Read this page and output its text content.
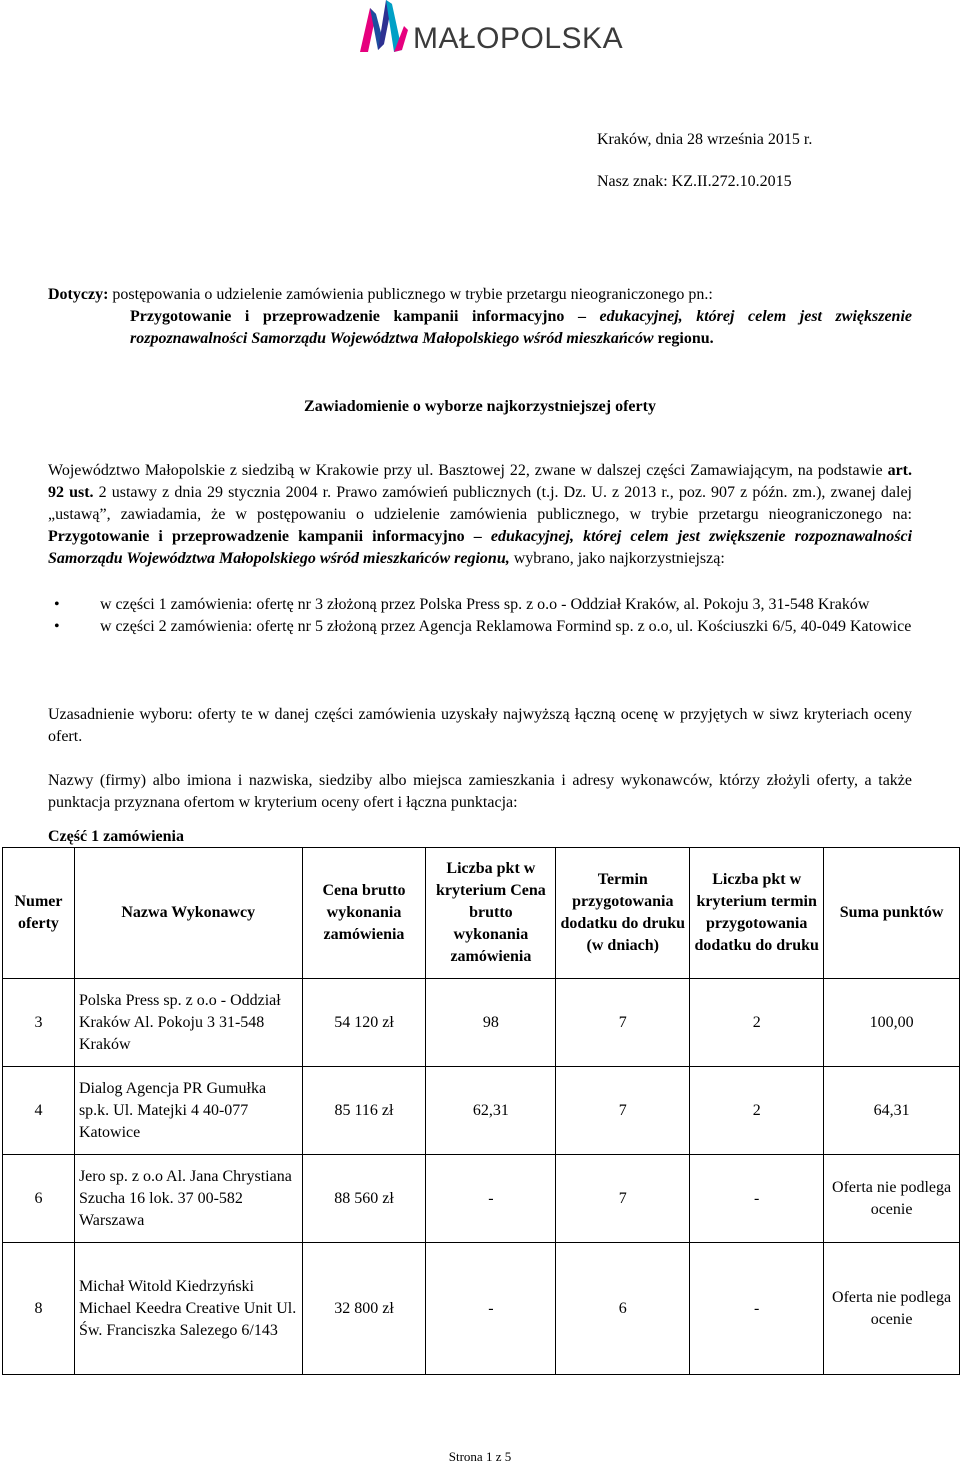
MAŁOPOLSKA
Kraków, dnia 28 września 2015 r.
Nasz znak: KZ.II.272.10.2015
Dotyczy: postępowania o udzielenie zamówienia publicznego w trybie przetargu nieograniczonego pn.:
Przygotowanie i przeprowadzenie kampanii informacyjno – edukacyjnej, której celem jest zwiększenie rozpoznawalności Samorządu Województwa Małopolskiego wśród mieszkańców regionu.
Zawiadomienie o wyborze najkorzystniejszej oferty
Województwo Małopolskie z siedzibą w Krakowie przy ul. Basztowej 22, zwane w dalszej części Zamawiającym, na podstawie art. 92 ust. 2 ustawy z dnia 29 stycznia 2004 r. Prawo zamówień publicznych (t.j. Dz. U. z 2013 r., poz. 907 z późn. zm.), zwanej dalej „ustawą”, zawiadamia, że w postępowaniu o udzielenie zamówienia publicznego, w trybie przetargu nieograniczonego na: Przygotowanie i przeprowadzenie kampanii informacyjno – edukacyjnej, której celem jest zwiększenie rozpoznawalności Samorządu Województwa Małopolskiego wśród mieszkańców regionu, wybrano, jako najkorzystniejszą:
•	w części 1 zamówienia: ofertę nr 3 złożoną przez Polska Press sp. z o.o - Oddział Kraków, al. Pokoju 3, 31-548 Kraków
•	w części 2 zamówienia: ofertę nr 5 złożoną przez Agencja Reklamowa Formind sp. z o.o, ul. Kościuszki 6/5, 40-049 Katowice
Uzasadnienie wyboru: oferty te w danej części zamówienia uzyskały najwyższą łączną ocenę w przyjętych w siwz kryteriach oceny ofert.
Nazwy (firmy) albo imiona i nazwiska, siedziby albo miejsca zamieszkania i adresy wykonawców, którzy złożyli oferty, a także punktacja przyznana ofertom w kryterium oceny ofert i łączna punktacja:
Część 1 zamówienia
Numer oferty	Nazwa Wykonawcy	Cena brutto wykonania zamówienia	Liczba pkt w kryterium Cena brutto wykonania zamówienia	Termin przygotowania dodatku do druku (w dniach)	Liczba pkt w kryterium termin przygotowania dodatku do druku	Suma punktów
3	Polska Press sp. z o.o - Oddział Kraków Al. Pokoju 3 31-548 Kraków	54 120 zł	98	7	2	100,00
4	Dialog Agencja PR Gumułka sp.k. Ul. Matejki 4 40-077 Katowice	85 116 zł	62,31	7	2	64,31
6	Jero sp. z o.o Al. Jana Chrystiana Szucha 16 lok. 37 00-582 Warszawa	88 560 zł	-	7	-	Oferta nie podlega ocenie
8	Michał Witold Kiedrzyński Michael Keedra Creative Unit Ul. Św. Franciszka Salezego 6/143	32 800 zł	-	6	-	Oferta nie podlega ocenie
Strona 1 z 5
